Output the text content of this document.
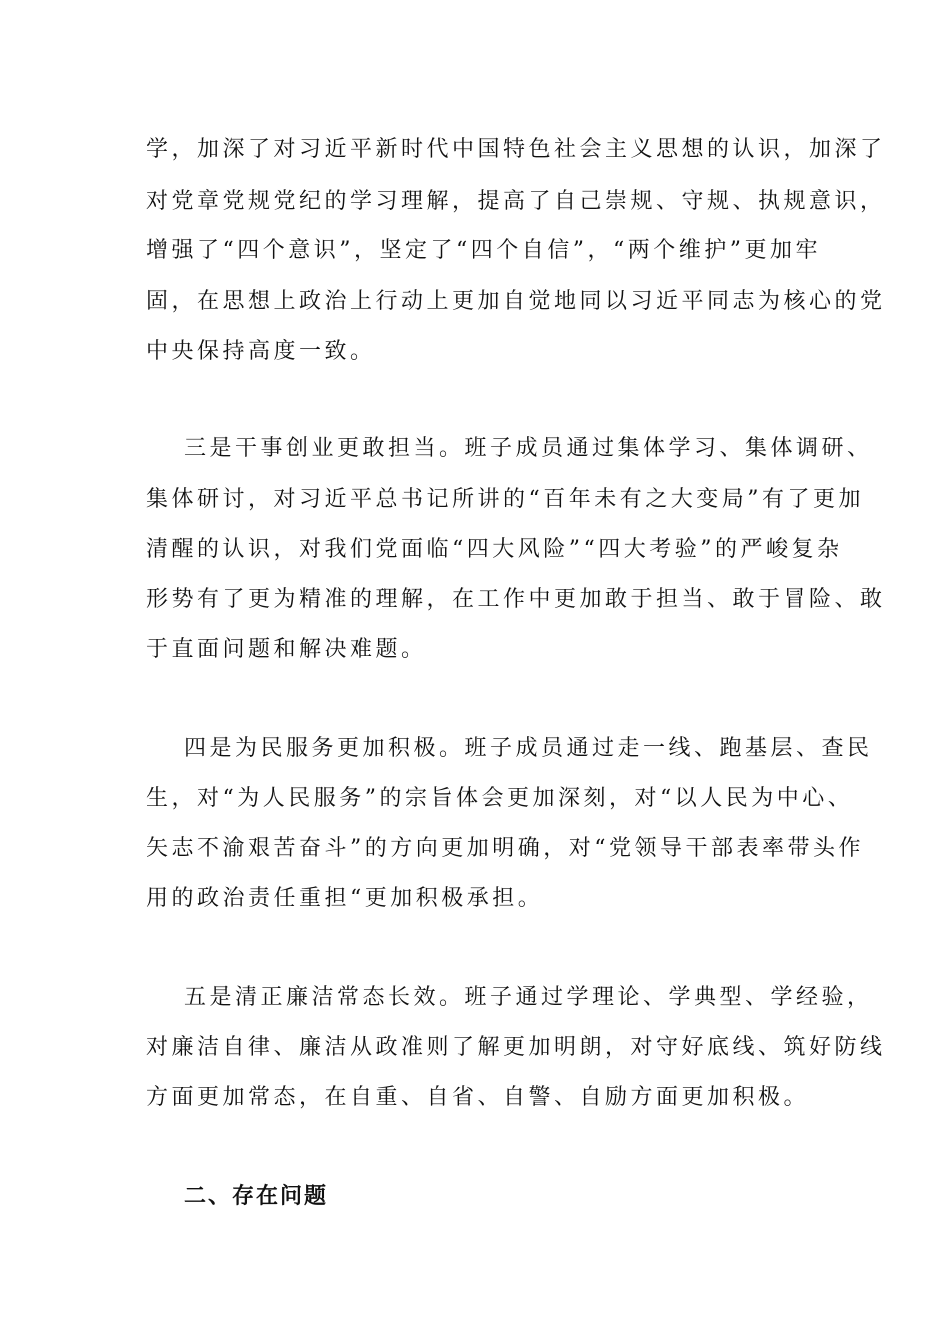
学，加深了对习近平新时代中国特色社会主义思想的认识，加深了
对党章党规党纪的学习理解，提高了自己崇规、守规、执规意识，
增强了“四个意识”，坚定了“四个自信”，“两个维护”更加牢
固，在思想上政治上行动上更加自觉地同以习近平同志为核心的党
中央保持高度一致。
三是干事创业更敢担当。班子成员通过集体学习、集体调研、
集体研讨，对习近平总书记所讲的“百年未有之大变局”有了更加
清醒的认识，对我们党面临“四大风险”“四大考验”的严峻复杂
形势有了更为精准的理解，在工作中更加敢于担当、敢于冒险、敢
于直面问题和解决难题。
四是为民服务更加积极。班子成员通过走一线、跑基层、查民
生，对“为人民服务”的宗旨体会更加深刻，对“以人民为中心、
矢志不渝艰苦奋斗”的方向更加明确，对“党领导干部表率带头作
用的政治责任重担“更加积极承担。
五是清正廉洁常态长效。班子通过学理论、学典型、学经验，
对廉洁自律、廉洁从政准则了解更加明朗，对守好底线、筑好防线
方面更加常态，在自重、自省、自警、自励方面更加积极。
二、存在问题
